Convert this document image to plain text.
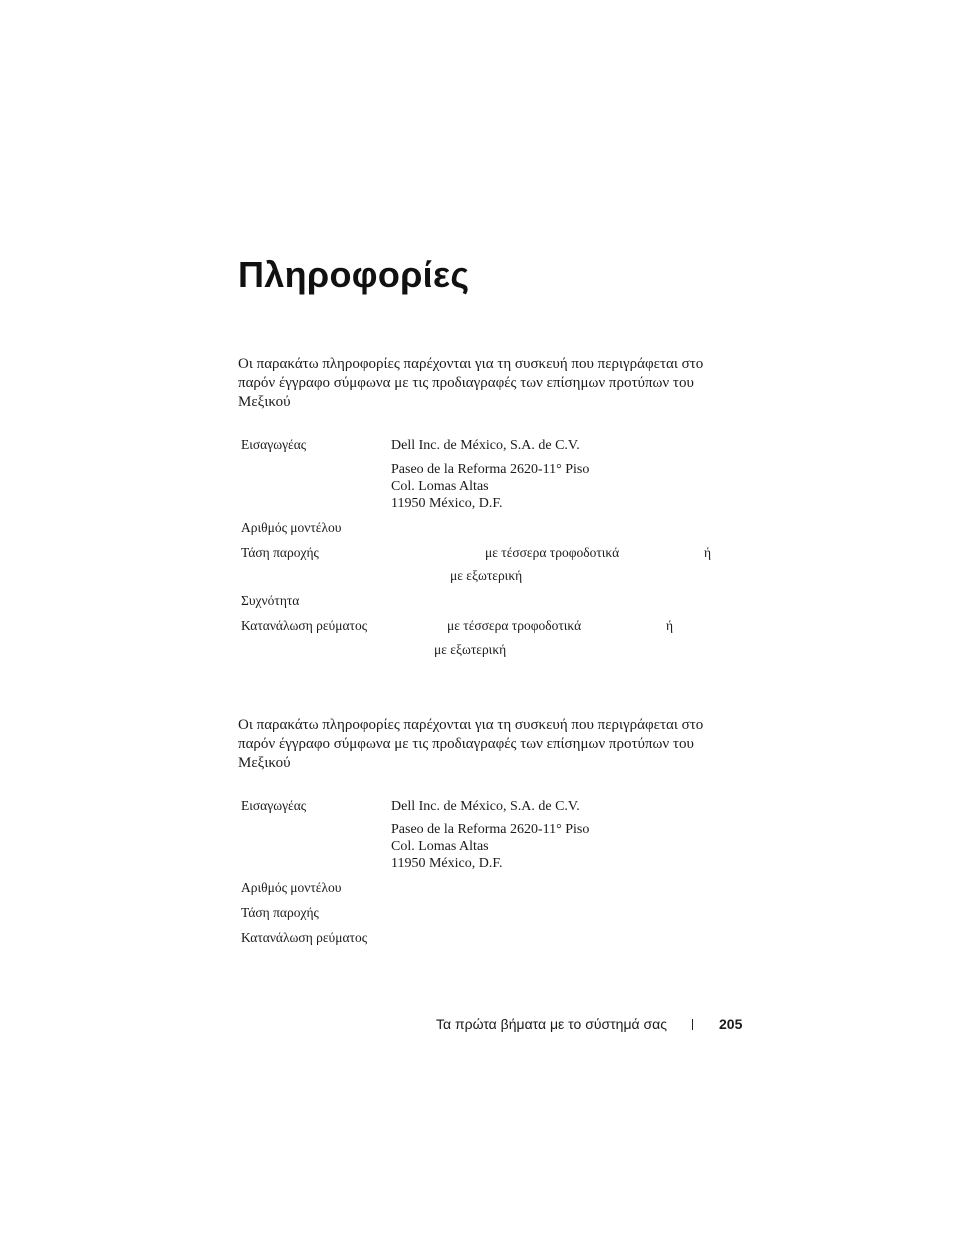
Πληροφορίες

Οι παρακάτω πληροφορίες παρέχονται για τη συσκευή που περιγράφεται στο παρόν έγγραφο σύμφωνα με τις προδιαγραφές των επίσημων προτύπων του Μεξικού

Εισαγωγέας	Dell Inc. de México, S.A. de C.V.
Paseo de la Reforma 2620-11° Piso
Col. Lomas Altas
11950 México, D.F.
Αριθμός μοντέλου
Τάση παροχής	με τέσσερα τροφοδοτικά	ή
με εξωτερική
Συχνότητα
Κατανάλωση ρεύματος	με τέσσερα τροφοδοτικά	ή
με εξωτερική

Οι παρακάτω πληροφορίες παρέχονται για τη συσκευή που περιγράφεται στο παρόν έγγραφο σύμφωνα με τις προδιαγραφές των επίσημων προτύπων του Μεξικού

Εισαγωγέας	Dell Inc. de México, S.A. de C.V.
Paseo de la Reforma 2620-11° Piso
Col. Lomas Altas
11950 México, D.F.
Αριθμός μοντέλου
Τάση παροχής
Κατανάλωση ρεύματος
Τα πρώτα βήματα με το σύστημά σας	205
